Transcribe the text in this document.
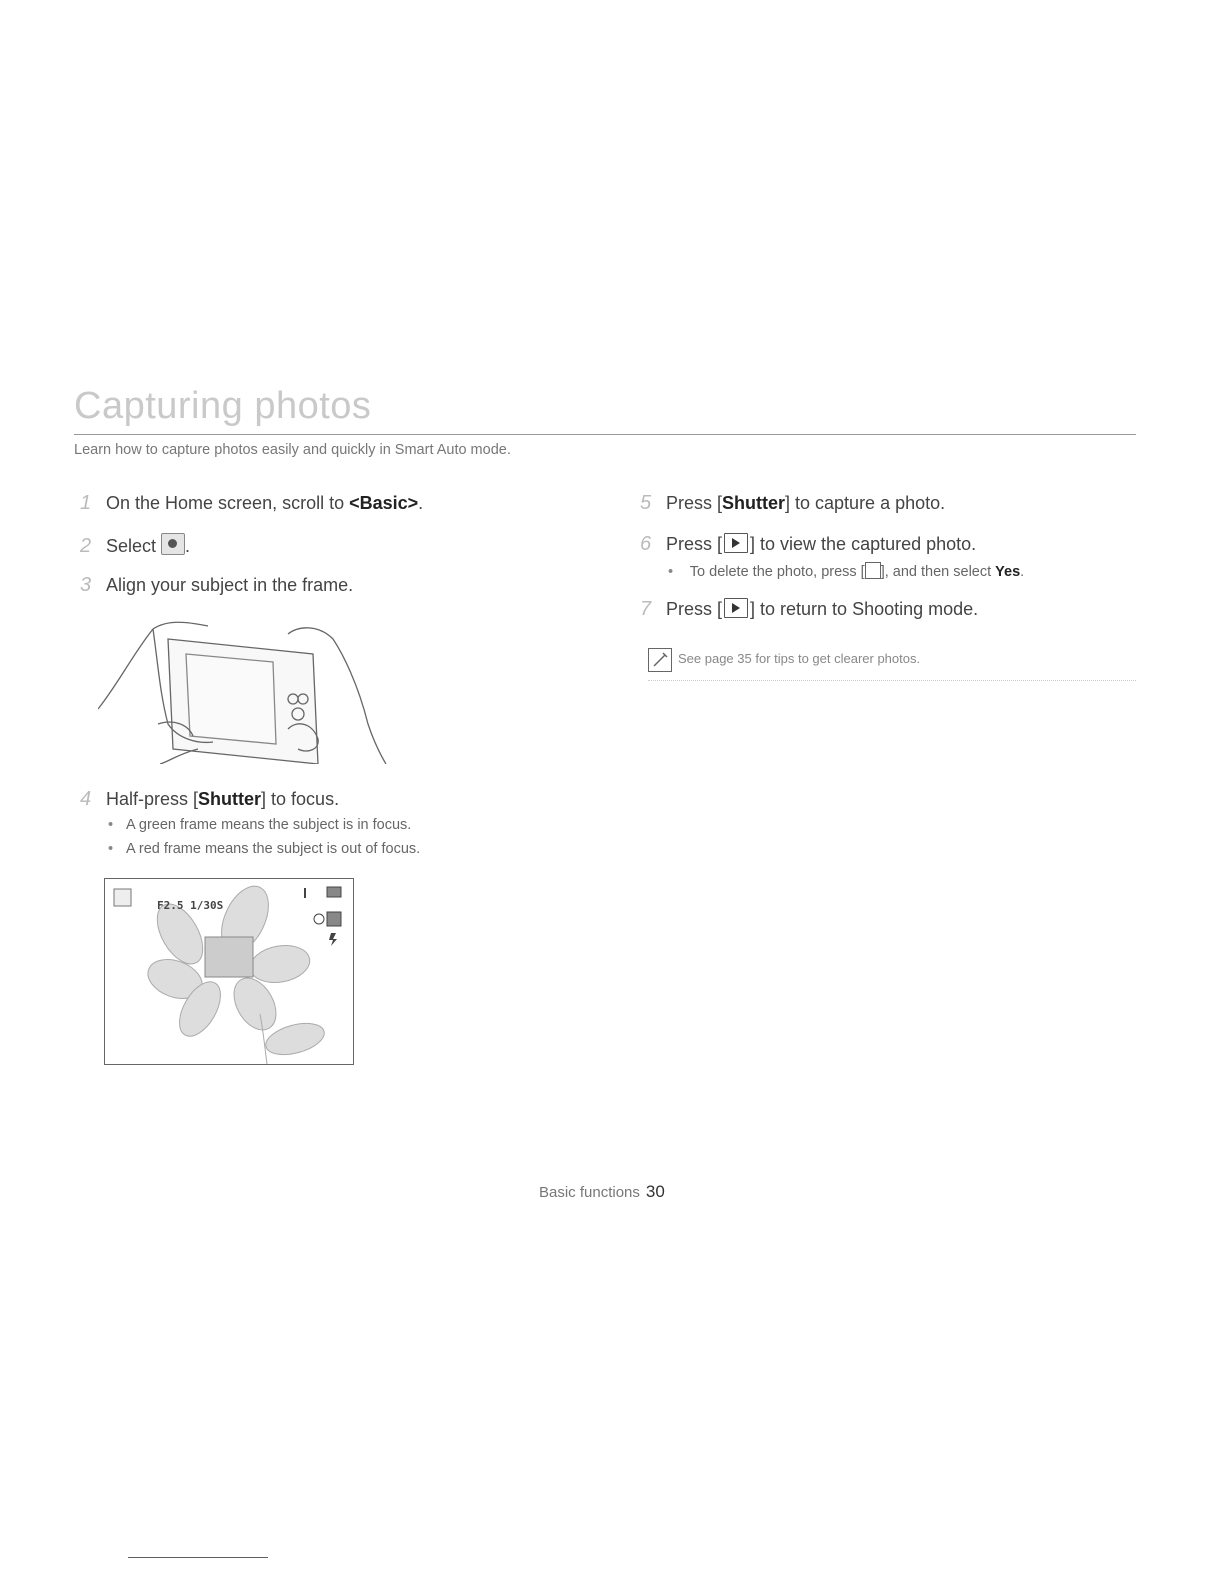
Capturing photos
Learn how to capture photos easily and quickly in Smart Auto mode.
1 On the Home screen, scroll to <Basic>.
2 Select .
3 Align your subject in the frame.
4 Half-press [Shutter] to focus.
• A green frame means the subject is in focus.
• A red frame means the subject is out of focus.
F2.5 1/30S
5 Press [Shutter] to capture a photo.
6 Press [ ] to view the captured photo.
• To delete the photo, press [ ], and then select Yes.
7 Press [ ] to return to Shooting mode.
See page 35 for tips to get clearer photos.
Basic functions 30
